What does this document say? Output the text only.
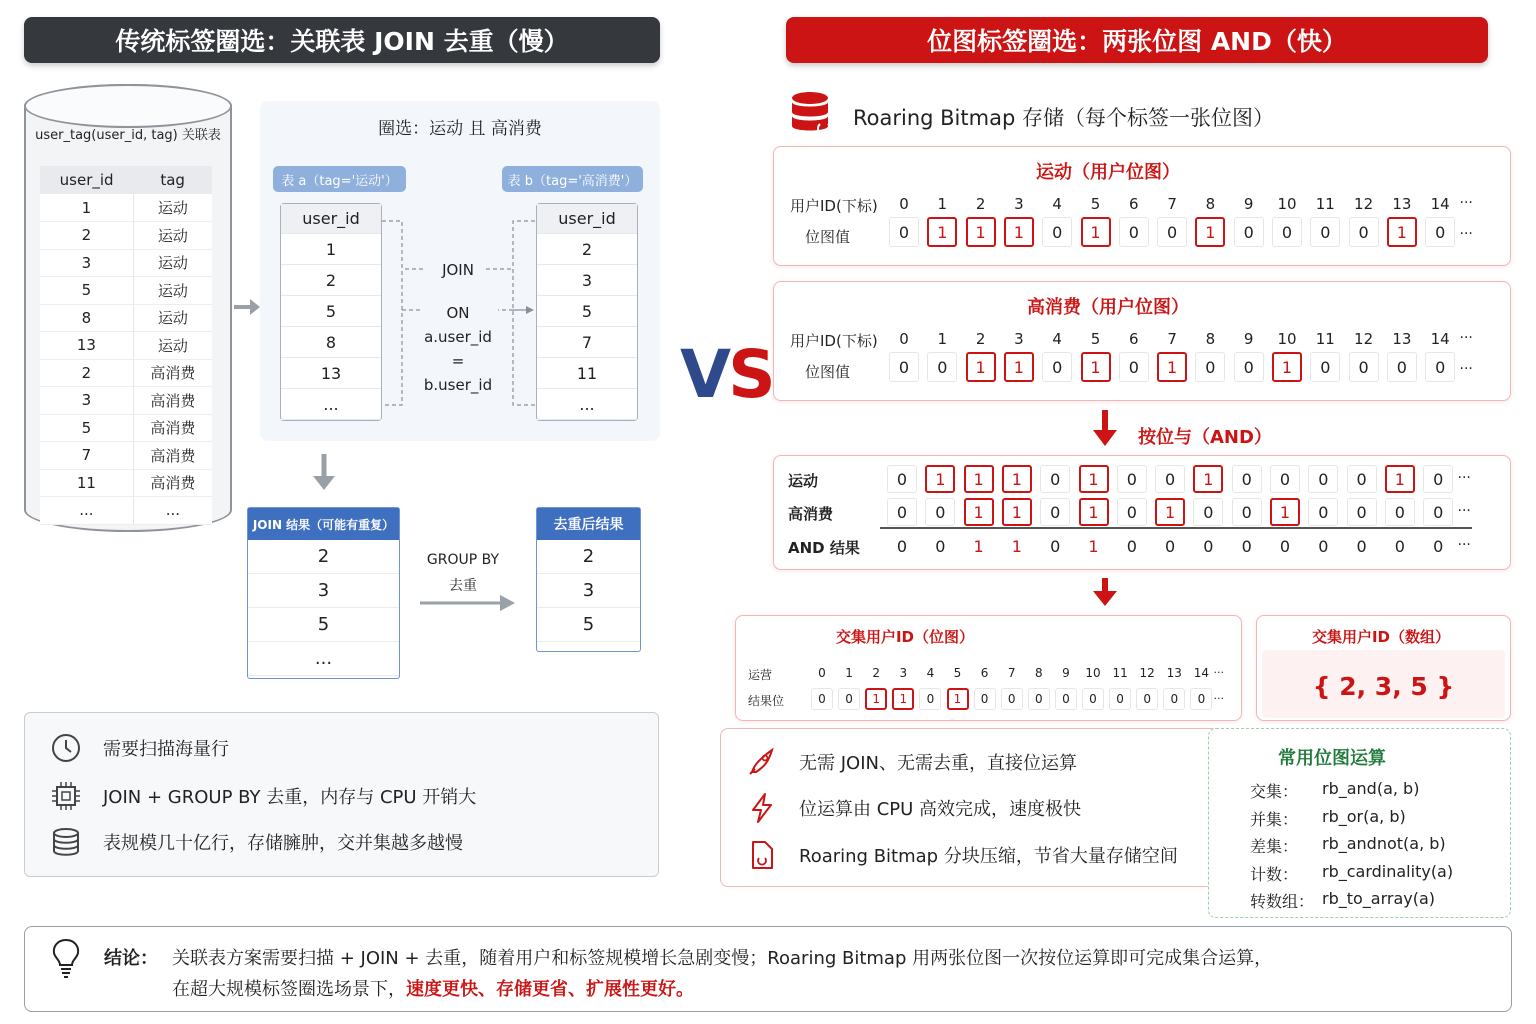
传统标签圈选：关联表 JOIN 去重（慢）
user_tag(user_id, tag) 关联表
user_id	tag
1	运动
2	运动
3	运动
5	运动
8	运动
13	运动
2	高消费
3	高消费
5	高消费
7	高消费
11	高消费
...	...
圈选：运动 且 高消费
表 a（tag='运动'）	表 b（tag='高消费'）
user_id
1
2
5
8
13
...
user_id
2
3
5
7
11
...
JOIN
ON
a.user_id
=
b.user_id
JOIN 结果（可能有重复）
2
3
5
...
GROUP BY
去重
去重后结果
2
3
5
需要扫描海量行
JOIN + GROUP BY 去重，内存与 CPU 开销大
表规模几十亿行，存储臃肿，交并集越多越慢
VS
位图标签圈选：两张位图 AND（快）
Roaring Bitmap 存储（每个标签一张位图）
运动（用户位图）
用户ID(下标)
位图值
0	1	2	3	4	5	6	7	8	9	10	11	12	13	14 ···
0	1	1	1	0	1	0	0	1	0	0	0	0	1	0	···
高消费（用户位图）
用户ID(下标)
位图值
0	1	2	3	4	5	6	7	8	9	10	11	12	13	14 ···
0	0	1	1	0	1	0	1	0	0	1	0	0	0	0	···
按位与（AND）
运动	0	1	1	1	0	1	0	0	1	0	0	0	0	1	0	···
高消费	0	0	1	1	0	1	0	1	0	0	1	0	0	0	0	···
AND 结果	0	0	1	1	0	1	0	0	0	0	0	0	0	0	0	···
交集用户ID（位图）
运营
结果位
0	1	2	3	4	5	6	7	8	9	10 11 12 13 14
0	0	1	1	0	1	0	0	0	0	0	0	0	0	0
···
···
交集用户ID（数组）
{ 2, 3, 5 }
无需 JOIN、无需去重，直接位运算
位运算由 CPU 高效完成，速度极快
Roaring Bitmap 分块压缩，节省大量存储空间
常用位图运算
交集： rb_and(a, b)
并集： rb_or(a, b)
差集： rb_andnot(a, b)
计数： rb_cardinality(a)
转数组： rb_to_array(a)
结论： 关联表方案需要扫描 + JOIN + 去重，随着用户和标签规模增长急剧变慢；Roaring Bitmap 用两张位图一次按位运算即可完成集合运算，
在超大规模标签圈选场景下，速度更快、存储更省、扩展性更好。
